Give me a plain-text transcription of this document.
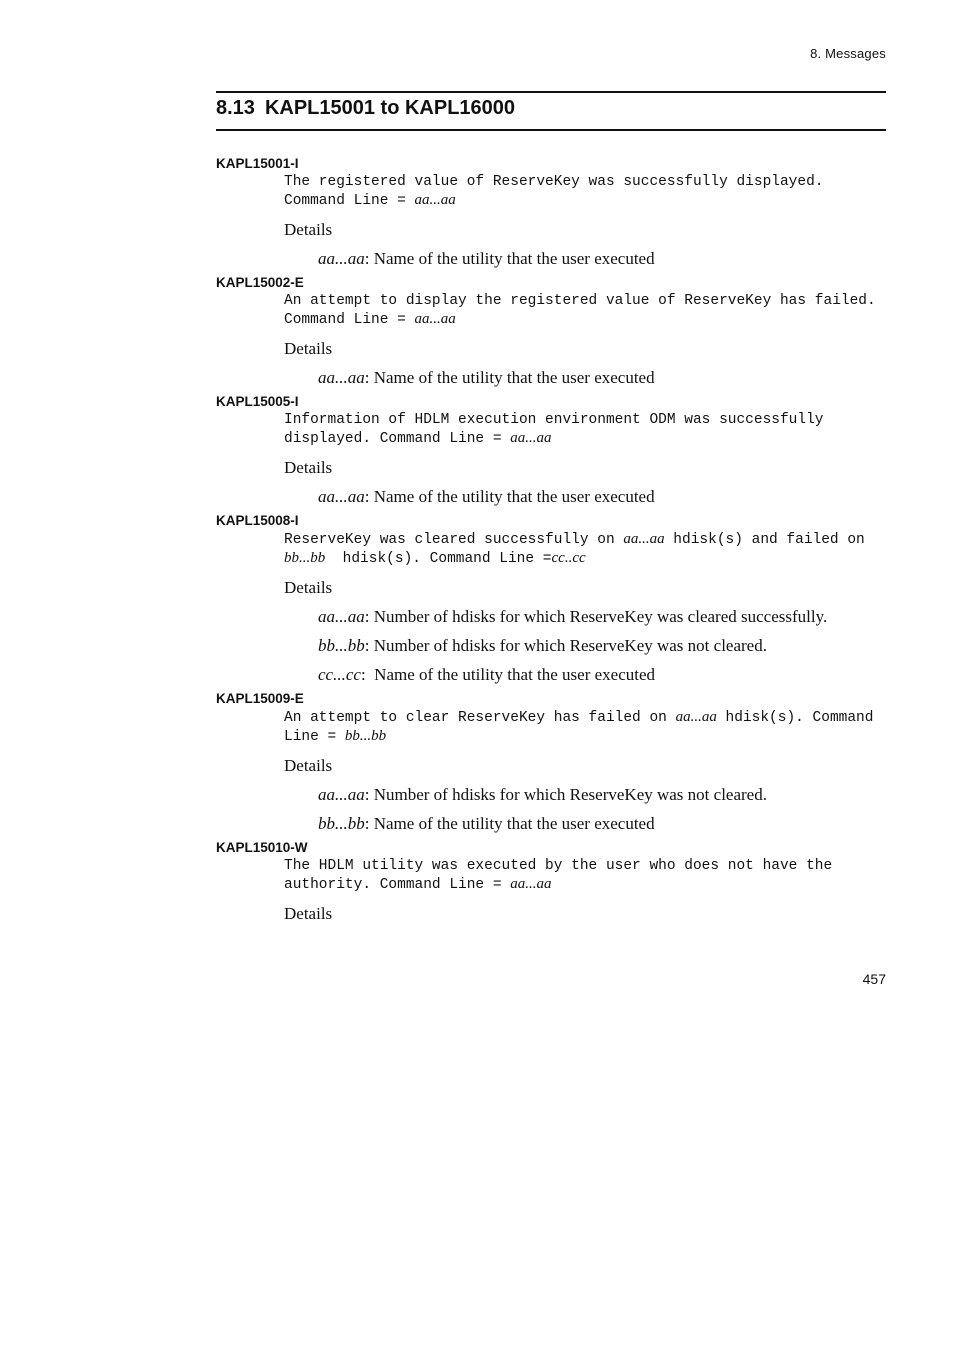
8. Messages
8.13 KAPL15001 to KAPL16000
KAPL15001-I
The registered value of ReserveKey was successfully displayed. Command Line = aa...aa
Details
aa...aa: Name of the utility that the user executed
KAPL15002-E
An attempt to display the registered value of ReserveKey has failed. Command Line = aa...aa
Details
aa...aa: Name of the utility that the user executed
KAPL15005-I
Information of HDLM execution environment ODM was successfully displayed. Command Line = aa...aa
Details
aa...aa: Name of the utility that the user executed
KAPL15008-I
ReserveKey was cleared successfully on aa...aa hdisk(s) and failed on bb...bb  hdisk(s). Command Line =cc..cc
Details
aa...aa: Number of hdisks for which ReserveKey was cleared successfully.
bb...bb: Number of hdisks for which ReserveKey was not cleared.
cc...cc:  Name of the utility that the user executed
KAPL15009-E
An attempt to clear ReserveKey has failed on aa...aa hdisk(s). Command Line = bb...bb
Details
aa...aa: Number of hdisks for which ReserveKey was not cleared.
bb...bb: Name of the utility that the user executed
KAPL15010-W
The HDLM utility was executed by the user who does not have the authority. Command Line = aa...aa
Details
457
